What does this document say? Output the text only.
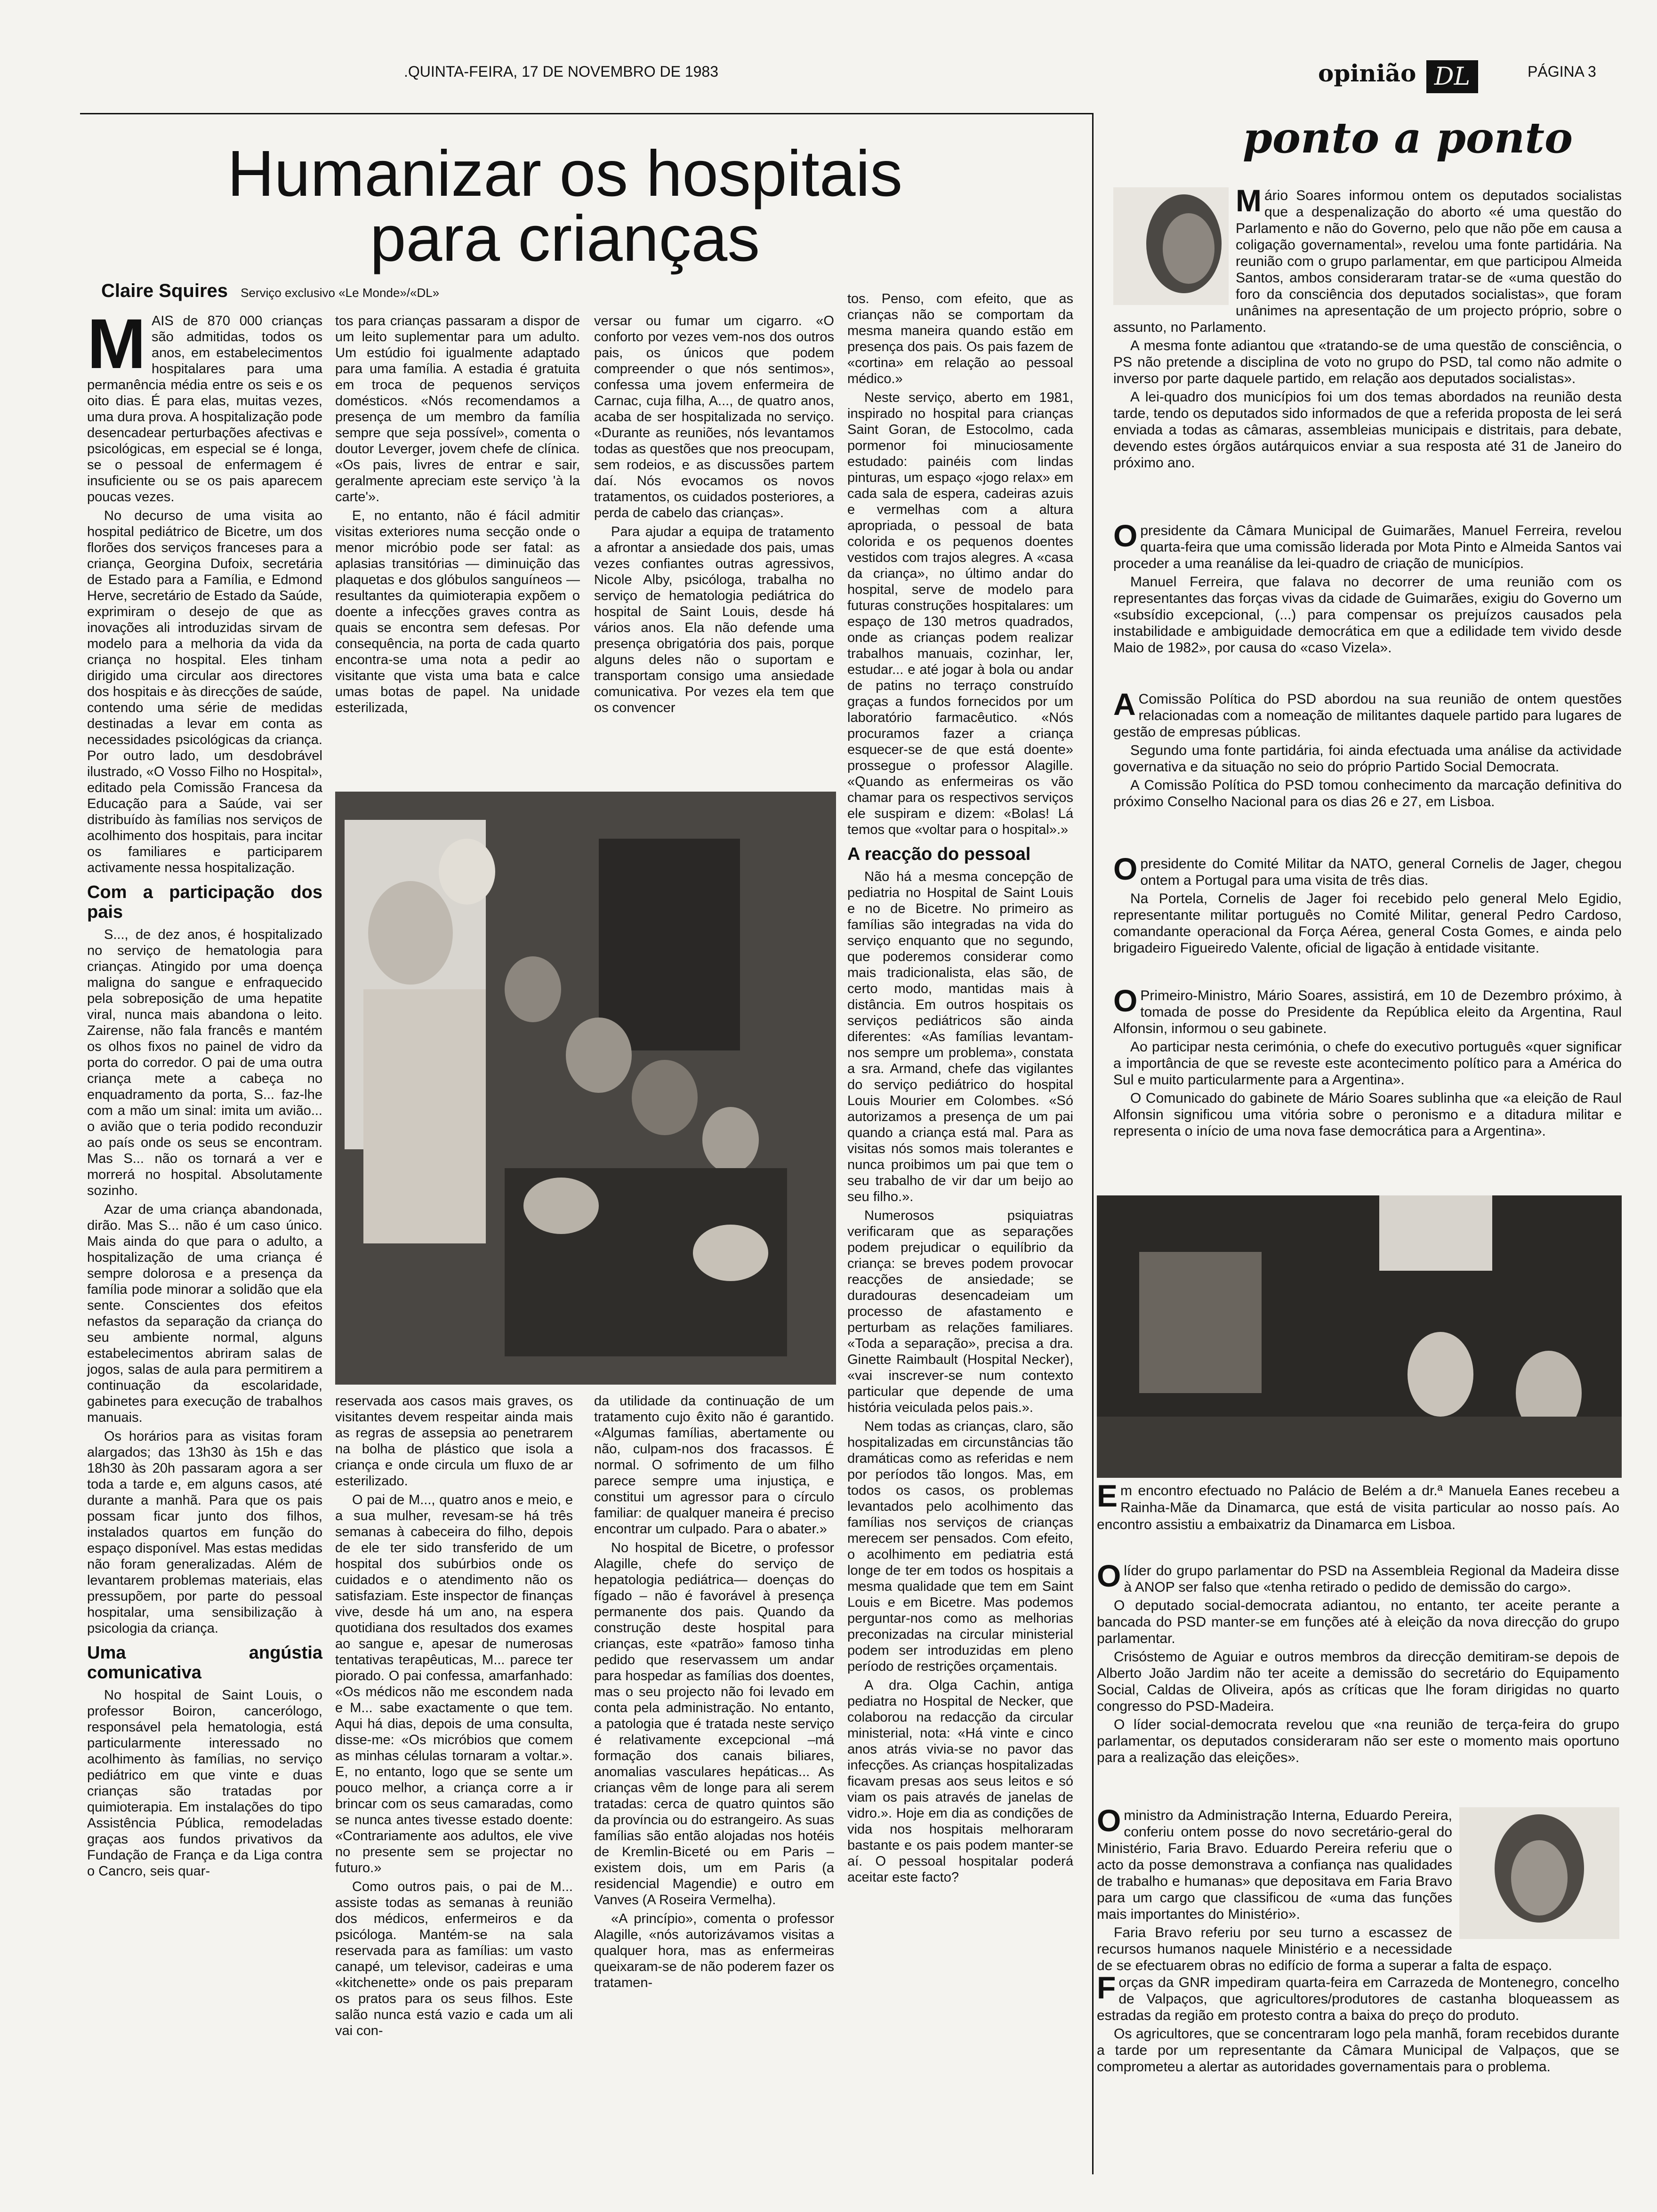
.QUINTA-FEIRA, 17 DE NOVEMBRO DE 1983	opinião DL	PÁGINA 3
Humanizar os hospitais
para crianças
Claire Squires Serviço exclusivo «Le Monde»/«DL»
M AIS de 870 000 crianças são admitidas, todos os anos, em estabelecimentos hospitalares para uma permanência média entre os seis e os oito dias. É para elas, muitas vezes, uma dura prova. A hospitalização pode desencadear perturbações afectivas e psicológicas, em especial se é longa, se o pessoal de enfermagem é insuficiente ou se os pais aparecem poucas vezes.

No decurso de uma visita ao hospital pediátrico de Bicetre, um dos florões dos serviços franceses para a criança, Georgina Dufoix, secretária de Estado para a Família, e Edmond Herve, secretário de Estado da Saúde, exprimiram o desejo de que as inovações ali introduzidas sirvam de modelo para a melhoria da vida da criança no hospital. Eles tinham dirigido uma circular aos directores dos hospitais e às direcções de saúde, contendo uma série de medidas destinadas a levar em conta as necessidades psicológicas da criança. Por outro lado, um desdobrável ilustrado, «O Vosso Filho no Hospital», editado pela Comissão Francesa da Educação para a Saúde, vai ser distribuído às famílias nos serviços de acolhimento dos hospitais, para incitar os familiares e participarem activamente nessa hospitalização.

Com a participação dos pais

S..., de dez anos, é hospitalizado no serviço de hematologia para crianças. Atingido por uma doença maligna do sangue e enfraquecido pela sobreposição de uma hepatite viral, nunca mais abandona o leito. Zairense, não fala francês e mantém os olhos fixos no painel de vidro da porta do corredor. O pai de uma outra criança mete a cabeça no enquadramento da porta, S... faz-lhe com a mão um sinal: imita um avião... o avião que o teria podido reconduzir ao país onde os seus se encontram. Mas S... não os tornará a ver e morrerá no hospital. Absolutamente sozinho.

Azar de uma criança abandonada, dirão. Mas S... não é um caso único. Mais ainda do que para o adulto, a hospitalização de uma criança é sempre dolorosa e a presença da família pode minorar a solidão que ela sente. Conscientes dos efeitos nefastos da separação da criança do seu ambiente normal, alguns estabelecimentos abriram salas de jogos, salas de aula para permitirem a continuação da escolaridade, gabinetes para execução de trabalhos manuais.

Os horários para as visitas foram alargados; das 13h30 às 15h e das 18h30 às 20h passaram agora a ser toda a tarde e, em alguns casos, até durante a manhã. Para que os pais possam ficar junto dos filhos, instalados quartos em função do espaço disponível. Mas estas medidas não foram generalizadas. Além de levantarem problemas materiais, elas pressupõem, por parte do pessoal hospitalar, uma sensibilização à psicologia da criança.

Uma angústia comunicativa

No hospital de Saint Louis, o professor Boiron, cancerólogo, responsável pela hematologia, está particularmente interessado no acolhimento às famílias, no serviço pediátrico em que vinte e duas crianças são tratadas por quimioterapia. Em instalações do tipo Assistência Pública, remodeladas graças aos fundos privativos da Fundação de França e da Liga contra o Cancro, seis quar-

tos para crianças passaram a dispor de um leito suplementar para um adulto. Um estúdio foi igualmente adaptado para uma família. A estadia é gratuita em troca de pequenos serviços domésticos. «Nós recomendamos a presença de um membro da família sempre que seja possível», comenta o doutor Leverger, jovem chefe de clínica. «Os pais, livres de entrar e sair, geralmente apreciam este serviço 'à la carte'».

E, no entanto, não é fácil admitir visitas exteriores numa secção onde o menor micróbio pode ser fatal: as aplasias transitórias — diminuição das plaquetas e dos glóbulos sanguíneos — resultantes da quimioterapia expõem o doente a infecções graves contra as quais se encontra sem defesas. Por consequência, na porta de cada quarto encontra-se uma nota a pedir ao visitante que vista uma bata e calce umas botas de papel. Na unidade esterilizada,

versar ou fumar um cigarro. «O conforto por vezes vem-nos dos outros pais, os únicos que podem compreender o que nós sentimos», confessa uma jovem enfermeira de Carnac, cuja filha, A..., de quatro anos, acaba de ser hospitalizada no serviço. «Durante as reuniões, nós levantamos todas as questões que nos preocupam, sem rodeios, e as discussões partem daí. Nós evocamos os novos tratamentos, os cuidados posteriores, a perda de cabelo das crianças».

Para ajudar a equipa de tratamento a afrontar a ansiedade dos pais, umas vezes confiantes outras agressivos, Nicole Alby, psicóloga, trabalha no serviço de hematologia pediátrica do hospital de Saint Louis, desde há vários anos. Ela não defende uma presença obrigatória dos pais, porque alguns deles não o suportam e transportam consigo uma ansiedade comunicativa. Por vezes ela tem que os convencer

tos. Penso, com efeito, que as crianças não se comportam da mesma maneira quando estão em presença dos pais. Os pais fazem de «cortina» em relação ao pessoal médico.»

Neste serviço, aberto em 1981, inspirado no hospital para crianças Saint Goran, de Estocolmo, cada pormenor foi minuciosamente estudado: painéis com lindas pinturas, um espaço «jogo relax» em cada sala de espera, cadeiras azuis e vermelhas com a altura apropriada, o pessoal de bata colorida e os pequenos doentes vestidos com trajos alegres. A «casa da criança», no último andar do hospital, serve de modelo para futuras construções hospitalares: um espaço de 130 metros quadrados, onde as crianças podem realizar trabalhos manuais, cozinhar, ler, estudar... e até jogar à bola ou andar de patins no terraço construído graças a fundos fornecidos por um laboratório farmacêutico. «Nós procuramos fazer a criança esquecer-se de que está doente» prossegue o professor Alagille. «Quando as enfermeiras os vão chamar para os respectivos serviços ele suspiram e dizem: «Bolas! Lá temos que «voltar para o hospital».»

A reacção do pessoal

Não há a mesma concepção de pediatria no Hospital de Saint Louis e no de Bicetre. No primeiro as famílias são integradas na vida do serviço enquanto que no segundo, que poderemos considerar como mais tradicionalista, elas são, de certo modo, mantidas mais à distância. Em outros hospitais os serviços pediátricos são ainda diferentes: «As famílias levantam-nos sempre um problema», constata a sra. Armand, chefe das vigilantes do serviço pediátrico do hospital Louis Mourier em Colombes. «Só autorizamos a presença de um pai quando a criança está mal. Para as visitas nós somos mais tolerantes e nunca proibimos um pai que tem o seu trabalho de vir dar um beijo ao seu filho.».

Numerosos psiquiatras verificaram que as separações podem prejudicar o equilíbrio da criança: se breves podem provocar reacções de ansiedade; se duradouras desencadeiam um processo de afastamento e perturbam as relações familiares. «Toda a separação», precisa a dra. Ginette Raimbault (Hospital Necker), «vai inscrever-se num contexto particular que depende de uma história veiculada pelos pais.».

Nem todas as crianças, claro, são hospitalizadas em circunstâncias tão dramáticas como as referidas e nem por períodos tão longos. Mas, em todos os casos, os problemas levantados pelo acolhimento das famílias nos serviços de crianças merecem ser pensados. Com efeito, o acolhimento em pediatria está longe de ter em todos os hospitais a mesma qualidade que tem em Saint Louis e em Bicetre. Mas podemos perguntar-nos como as melhorias preconizadas na circular ministerial podem ser introduzidas em pleno período de restrições orçamentais.

A dra. Olga Cachin, antiga pediatra no Hospital de Necker, que colaborou na redacção da circular ministerial, nota: «Há vinte e cinco anos atrás vivia-se no pavor das infecções. As crianças hospitalizadas ficavam presas aos seus leitos e só viam os pais através de janelas de vidro.». Hoje em dia as condições de vida nos hospitais melhoraram bastante e os pais podem manter-se aí. O pessoal hospitalar poderá aceitar este facto?

reservada aos casos mais graves, os visitantes devem respeitar ainda mais as regras de assepsia ao penetrarem na bolha de plástico que isola a criança e onde circula um fluxo de ar esterilizado.

O pai de M..., quatro anos e meio, e a sua mulher, revesam-se há três semanas à cabeceira do filho, depois de ele ter sido transferido de um hospital dos subúrbios onde os cuidados e o atendimento não os satisfaziam. Este inspector de finanças vive, desde há um ano, na espera quotidiana dos resultados dos exames ao sangue e, apesar de numerosas tentativas terapêuticas, M... parece ter piorado. O pai confessa, amarfanhado: «Os médicos não me escondem nada e M... sabe exactamente o que tem. Aqui há dias, depois de uma consulta, disse-me: «Os micróbios que comem as minhas células tornaram a voltar.». E, no entanto, logo que se sente um pouco melhor, a criança corre a ir brincar com os seus camaradas, como se nunca antes tivesse estado doente: «Contrariamente aos adultos, ele vive no presente sem se projectar no futuro.»

Como outros pais, o pai de M... assiste todas as semanas à reunião dos médicos, enfermeiros e da psicóloga. Mantém-se na sala reservada para as famílias: um vasto canapé, um televisor, cadeiras e uma «kitchenette» onde os pais preparam os pratos para os seus filhos. Este salão nunca está vazio e cada um ali vai con-

da utilidade da continuação de um tratamento cujo êxito não é garantido. «Algumas famílias, abertamente ou não, culpam-nos dos fracassos. É normal. O sofrimento de um filho parece sempre uma injustiça, e constitui um agressor para o círculo familiar: de qualquer maneira é preciso encontrar um culpado. Para o abater.»

No hospital de Bicetre, o professor Alagille, chefe do serviço de hepatologia pediátrica— doenças do fígado – não é favorável à presença permanente dos pais. Quando da construção deste hospital para crianças, este «patrão» famoso tinha pedido que reservassem um andar para hospedar as famílias dos doentes, mas o seu projecto não foi levado em conta pela administração. No entanto, a patologia que é tratada neste serviço é relativamente excepcional –má formação dos canais biliares, anomalias vasculares hepáticas... As crianças vêm de longe para ali serem tratadas: cerca de quatro quintos são da província ou do estrangeiro. As suas famílias são então alojadas nos hotéis de Kremlin-Biceté ou em Paris – existem dois, um em Paris (a residencial Magendie) e outro em Vanves (A Roseira Vermelha).

«A princípio», comenta o professor Alagille, «nós autorizávamos visitas a qualquer hora, mas as enfermeiras queixaram-se de não poderem fazer os tratamen-

ponto a ponto

Mário Soares informou ontem os deputados socialistas que a despenalização do aborto «é uma questão do Parlamento e não do Governo, pelo que não põe em causa a coligação governamental», revelou uma fonte partidária. Na reunião com o grupo parlamentar, em que participou Almeida Santos, ambos consideraram tratar-se de «uma questão do foro da consciência dos deputados socialistas», que foram unânimes na apresentação de um projecto próprio, sobre o assunto, no Parlamento.

A mesma fonte adiantou que «tratando-se de uma questão de consciência, o PS não pretende a disciplina de voto no grupo do PSD, tal como não admite o inverso por parte daquele partido, em relação aos deputados socialistas».

A lei-quadro dos municípios foi um dos temas abordados na reunião desta tarde, tendo os deputados sido informados de que a referida proposta de lei será enviada a todas as câmaras, assembleias municipais e distritais, para debate, devendo estes órgãos autárquicos enviar a sua resposta até 31 de Janeiro do próximo ano.

Opresidente da Câmara Municipal de Guimarães, Manuel Ferreira, revelou quarta-feira que uma comissão liderada por Mota Pinto e Almeida Santos vai proceder a uma reanálise da lei-quadro de criação de municípios.

Manuel Ferreira, que falava no decorrer de uma reunião com os representantes das forças vivas da cidade de Guimarães, exigiu do Governo um «subsídio excepcional, (...) para compensar os prejuízos causados pela instabilidade e ambiguidade democrática em que a edilidade tem vivido desde Maio de 1982», por causa do «caso Vizela».

AComissão Política do PSD abordou na sua reunião de ontem questões relacionadas com a nomeação de militantes daquele partido para lugares de gestão de empresas públicas.

Segundo uma fonte partidária, foi ainda efectuada uma análise da actividade governativa e da situação no seio do próprio Partido Social Democrata.

A Comissão Política do PSD tomou conhecimento da marcação definitiva do próximo Conselho Nacional para os dias 26 e 27, em Lisboa.

Opresidente do Comité Militar da NATO, general Cornelis de Jager, chegou ontem a Portugal para uma visita de três dias.

Na Portela, Cornelis de Jager foi recebido pelo general Melo Egidio, representante militar português no Comité Militar, general Pedro Cardoso, comandante operacional da Força Aérea, general Costa Gomes, e ainda pelo brigadeiro Figueiredo Valente, oficial de ligação à entidade visitante.

OPrimeiro-Ministro, Mário Soares, assistirá, em 10 de Dezembro próximo, à tomada de posse do Presidente da República eleito da Argentina, Raul Alfonsin, informou o seu gabinete.

Ao participar nesta cerimónia, o chefe do executivo português «quer significar a importância de que se reveste este acontecimento político para a América do Sul e muito particularmente para a Argentina».

O Comunicado do gabinete de Mário Soares sublinha que «a eleição de Raul Alfonsin significou uma vitória sobre o peronismo e a ditadura militar e representa o início de uma nova fase democrática para a Argentina».

Em encontro efectuado no Palácio de Belém a dr.ª Manuela Eanes recebeu a Rainha-Mãe da Dinamarca, que está de visita particular ao nosso país. Ao encontro assistiu a embaixatriz da Dinamarca em Lisboa.

Olíder do grupo parlamentar do PSD na Assembleia Regional da Madeira disse à ANOP ser falso que «tenha retirado o pedido de demissão do cargo».

O deputado social-democrata adiantou, no entanto, ter aceite perante a bancada do PSD manter-se em funções até à eleição da nova direcção do grupo parlamentar.

Crisóstemo de Aguiar e outros membros da direcção demitiram-se depois de Alberto João Jardim não ter aceite a demissão do secretário do Equipamento Social, Caldas de Oliveira, após as críticas que lhe foram dirigidas no quarto congresso do PSD-Madeira.

O líder social-democrata revelou que «na reunião de terça-feira do grupo parlamentar, os deputados consideraram não ser este o momento mais oportuno para a realização das eleições».

Oministro da Administração Interna, Eduardo Pereira, conferiu ontem posse do novo secretário-geral do Ministério, Faria Bravo. Eduardo Pereira referiu que o acto da posse demonstrava a confiança nas qualidades de trabalho e humanas» que depositava em Faria Bravo para um cargo que classificou de «uma das funções mais importantes do Ministério».

Faria Bravo referiu por seu turno a escassez de recursos humanos naquele Ministério e a necessidade de se efectuarem obras no edifício de forma a superar a falta de espaço.

Forças da GNR impediram quarta-feira em Carrazeda de Montenegro, concelho de Valpaços, que agricultores/produtores de castanha bloqueassem as estradas da região em protesto contra a baixa do preço do produto.

Os agricultores, que se concentraram logo pela manhã, foram recebidos durante a tarde por um representante da Câmara Municipal de Valpaços, que se comprometeu a alertar as autoridades governamentais para o problema.
